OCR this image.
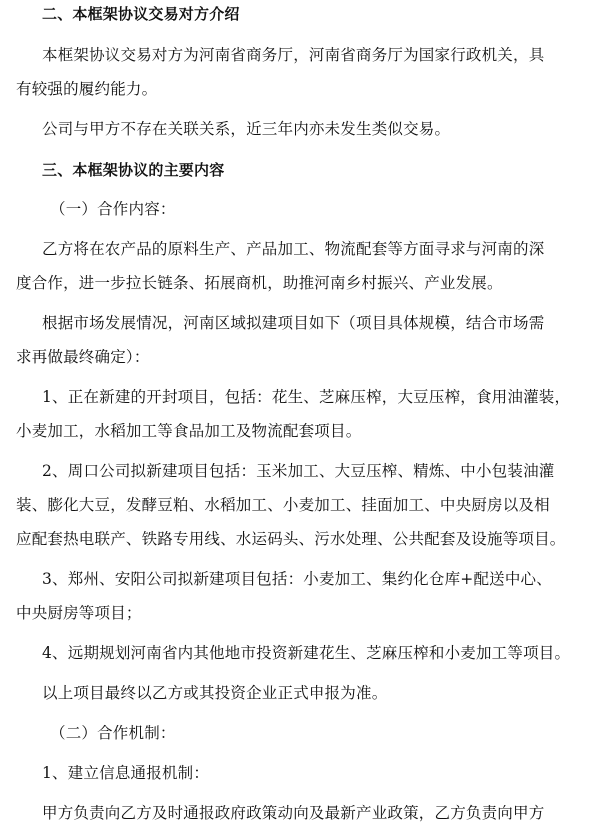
二、本框架协议交易对方介绍
本框架协议交易对方为河南省商务厅，河南省商务厅为国家行政机关，具
有较强的履约能力。
公司与甲方不存在关联关系，近三年内亦未发生类似交易。
三、本框架协议的主要内容
（一）合作内容：
乙方将在农产品的原料生产、产品加工、物流配套等方面寻求与河南的深
度合作，进一步拉长链条、拓展商机，助推河南乡村振兴、产业发展。
根据市场发展情况，河南区域拟建项目如下（项目具体规模，结合市场需
求再做最终确定）：
1、正在新建的开封项目，包括：花生、芝麻压榨，大豆压榨，食用油灌装，
小麦加工，水稻加工等食品加工及物流配套项目。
2、周口公司拟新建项目包括：玉米加工、大豆压榨、精炼、中小包装油灌
装、膨化大豆，发酵豆粕、水稻加工、小麦加工、挂面加工、中央厨房以及相
应配套热电联产、铁路专用线、水运码头、污水处理、公共配套及设施等项目。
3、郑州、安阳公司拟新建项目包括：小麦加工、集约化仓库+配送中心、
中央厨房等项目；
4、远期规划河南省内其他地市投资新建花生、芝麻压榨和小麦加工等项目。
以上项目最终以乙方或其投资企业正式申报为准。
（二）合作机制：
1、建立信息通报机制：
甲方负责向乙方及时通报政府政策动向及最新产业政策，乙方负责向甲方
